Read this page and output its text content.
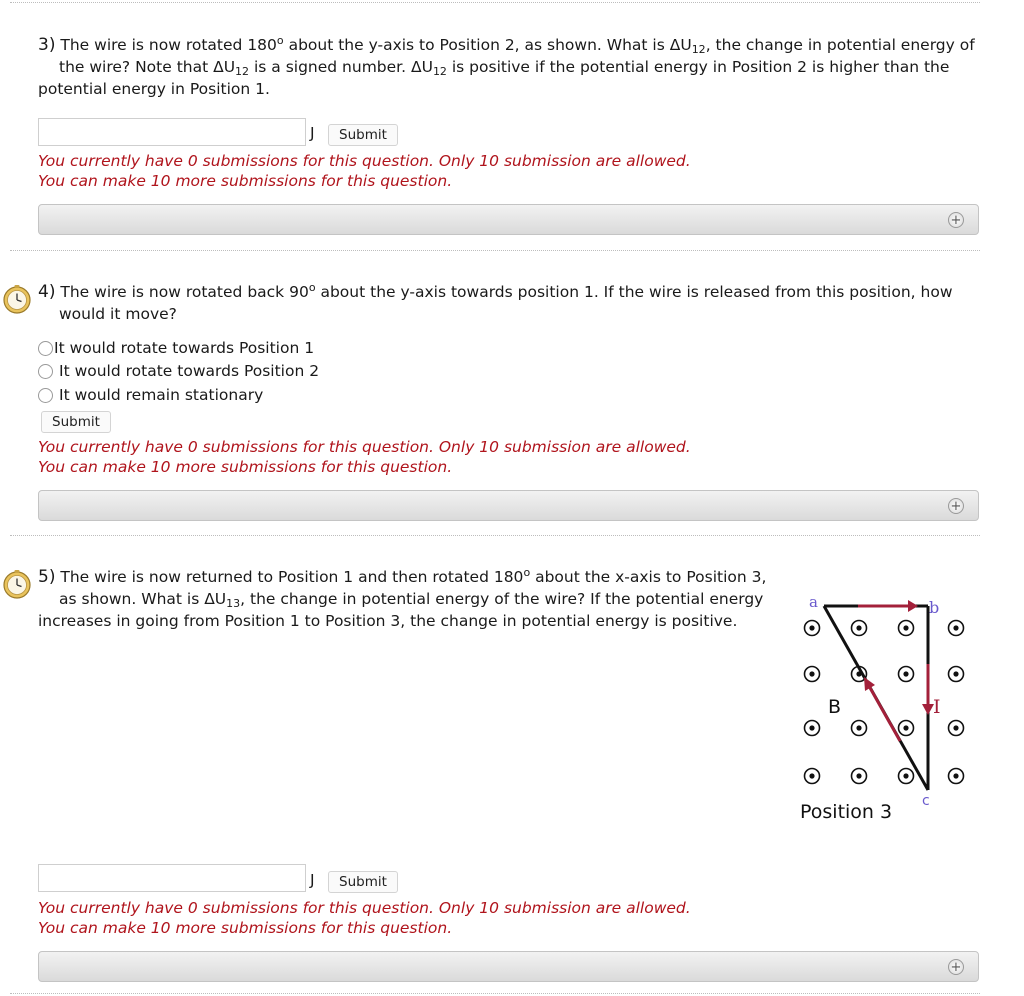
3) The wire is now rotated 180$^o$ about the y-axis to Position 2, as shown. What is $\Delta U_{12}$, the change in potential energy of
the wire? Note that $\Delta U_{12}$ is a signed number. $\Delta U_{12}$ is positive if the potential energy in Position 2 is higher than the
potential energy in Position 1.
J	Submit
You currently have 0 submissions for this question. Only 10 submission are allowed.
You can make 10 more submissions for this question.
+
4) The wire is now rotated back 90$^o$ about the y-axis towards position 1. If the wire is released from this position, how
would it move?
It would rotate towards Position 1
It would rotate towards Position 2
It would remain stationary
Submit
You currently have 0 submissions for this question. Only 10 submission are allowed.
You can make 10 more submissions for this question.
+
5) The wire is now returned to Position 1 and then rotated 180$^o$ about the x-axis to Position 3,
as shown. What is $\Delta U_{13}$, the change in potential energy of the wire? If the potential energy
increases in going from Position 1 to Position 3, the change in potential energy is positive.
a	b
B	I
Position 3 c
J	Submit
You currently have 0 submissions for this question. Only 10 submission are allowed.
You can make 10 more submissions for this question.
+
